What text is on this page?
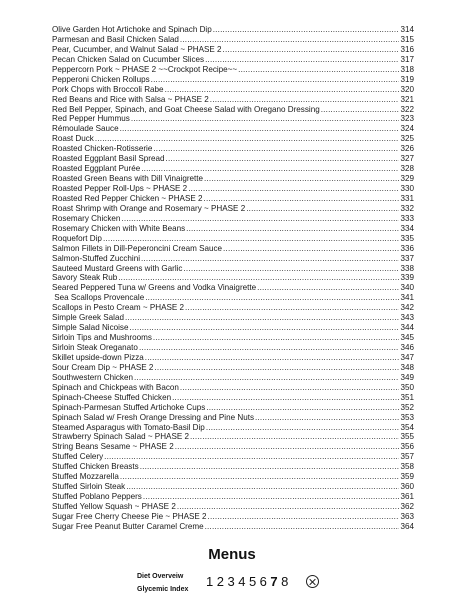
Olive Garden Hot Artichoke and Spinach Dip .....	314
Parmesan and Basil Chicken Salad .....	315
Pear, Cucumber, and Walnut Salad ~ PHASE 2 .....	316
Pecan Chicken Salad on Cucumber Slices .....	317
Peppercorn Pork ~ PHASE 2 ~~Crockpot Recipe~~ .....	318
Pepperoni Chicken Rollups .....	319
Pork Chops with Broccoli Rabe .....	320
Red Beans and Rice with Salsa ~ PHASE 2 .....	321
Red Bell Pepper, Spinach, and Goat Cheese Salad with Oregano Dressing .....	322
Red Pepper Hummus .....	323
Rémoulade Sauce .....	324
Roast Duck .....	325
Roasted Chicken-Rotisserie .....	326
Roasted Eggplant Basil Spread .....	327
Roasted Eggplant Purée .....	328
Roasted Green Beans with Dill Vinaigrette .....	329
Roasted Pepper Roll-Ups ~ PHASE 2 .....	330
Roasted Red Pepper Chicken ~ PHASE 2 .....	331
Roast Shrimp with Orange and Rosemary ~ PHASE 2 .....	332
Rosemary Chicken .....	333
Rosemary Chicken with White Beans .....	334
Roquefort Dip .....	335
Salmon Fillets in Dill-Peperoncini Cream Sauce .....	336
Salmon-Stuffed Zucchini .....	337
Sauteed Mustard Greens with Garlic .....	338
Savory Steak Rub .....	339
Seared Peppered Tuna w/ Greens and Vodka Vinaigrette .....	340
Sea Scallops Provencale .....	341
Scallops in Pesto Cream ~ PHASE 2 .....	342
Simple Greek Salad .....	343
Simple Salad Nicoise .....	344
Sirloin Tips and Mushrooms .....	345
Sirloin Steak Oreganato .....	346
Skillet upside-down Pizza .....	347
Sour Cream Dip ~ PHASE 2 .....	348
Southwestern Chicken .....	349
Spinach and Chickpeas with Bacon .....	350
Spinach-Cheese Stuffed Chicken .....	351
Spinach-Parmesan Stuffed Artichoke Cups .....	352
Spinach Salad w/ Fresh Orange Dressing and Pine Nuts .....	353
Steamed Asparagus with Tomato-Basil Dip .....	354
Strawberry Spinach Salad ~ PHASE 2 .....	355
String Beans Sesame ~ PHASE 2 .....	356
Stuffed Celery .....	357
Stuffed Chicken Breasts .....	358
Stuffed Mozzarella .....	359
Stuffed Sirloin Steak .....	360
Stuffed Poblano Peppers .....	361
Stuffed Yellow Squash ~ PHASE 2 .....	362
Sugar Free Cherry Cheese Pie ~ PHASE 2 .....	363
Sugar Free Peanut Butter Caramel Creme .....	364
Menus
Diet Overveiw
Glycemic Index
1 2 3 4 5 6 7 8
